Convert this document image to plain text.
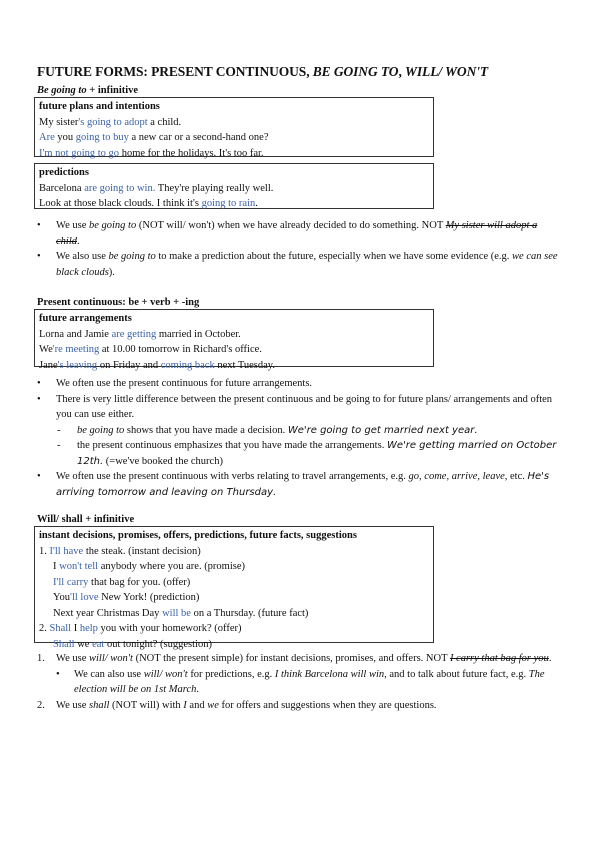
FUTURE FORMS: PRESENT CONTINUOUS, BE GOING TO, WILL/ WON'T
Be going to + infinitive
future plans and intentions
My sister's going to adopt a child.
Are you going to buy a new car or a second-hand one?
I'm not going to go home for the holidays. It's too far.
predictions
Barcelona are going to win. They're playing really well.
Look at those black clouds. I think it's going to rain.
• We use be going to (NOT will/ won't) when we have already decided to do something. NOT My sister will adopt a child.
• We also use be going to to make a prediction about the future, especially when we have some evidence (e.g. we can see black clouds).
Present continuous: be + verb + -ing
future arrangements
Lorna and Jamie are getting married in October.
We're meeting at 10.00 tomorrow in Richard's office.
Jane's leaving on Friday and coming back next Tuesday.
• We often use the present continuous for future arrangements.
• There is very little difference between the present continuous and be going to for future plans/ arrangements and often you can use either.
- be going to shows that you have made a decision. We're going to get married next year.
- the present continuous emphasizes that you have made the arrangements. We're getting married on October 12th. (=we've booked the church)
• We often use the present continuous with verbs relating to travel arrangements, e.g. go, come, arrive, leave, etc. He's arriving tomorrow and leaving on Thursday.
Will/ shall + infinitive
instant decisions, promises, offers, predictions, future facts, suggestions
1. I'll have the steak. (instant decision)
I won't tell anybody where you are. (promise)
I'll carry that bag for you. (offer)
You'll love New York! (prediction)
Next year Christmas Day will be on a Thursday. (future fact)
2. Shall I help you with your homework? (offer)
Shall we eat out tonight? (suggestion)
1. We use will/ won't (NOT the present simple) for instant decisions, promises, and offers. NOT I carry that bag for you.
• We can also use will/ won't for predictions, e.g. I think Barcelona will win, and to talk about future fact, e.g. The election will be on 1st March.
2. We use shall (NOT will) with I and we for offers and suggestions when they are questions.
